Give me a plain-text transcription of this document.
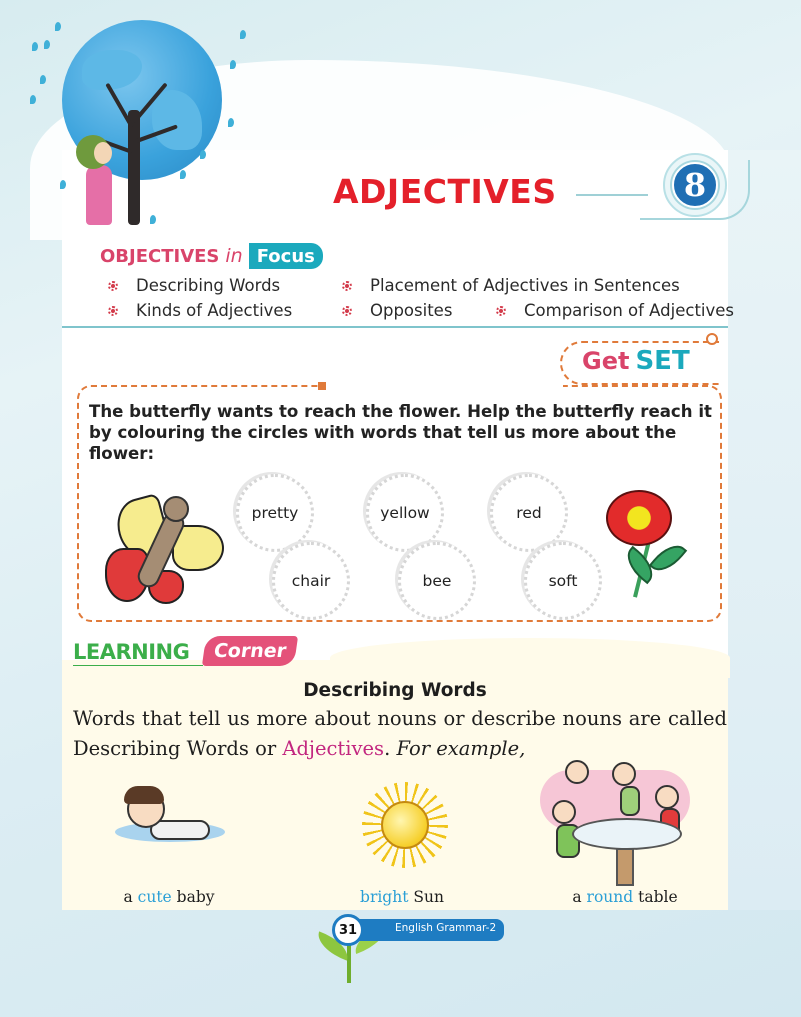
ADJECTIVES	8
OBJECTIVES in Focus
Describing Words	Placement of Adjectives in Sentences
Kinds of Adjectives	Opposites	Comparison of Adjectives
Get SET
The butterfly wants to reach the flower. Help the butterfly reach it by colouring the circles with words that tell us more about the flower:
pretty	yellow	red
chair	bee	soft
LEARNING	Corner
Describing Words
Words that tell us more about nouns or describe nouns are called Describing Words or Adjectives. For example,
a cute baby	bright Sun	a round table
English Grammar-2
31
